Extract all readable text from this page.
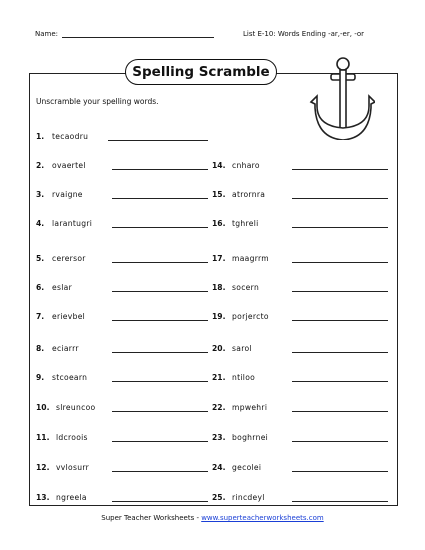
Name:	List E-10: Words Ending -ar,-er, -or
Spelling Scramble
Unscramble your spelling words.
1.	tecaodru
2.	ovaertel
3.	rvaigne
4.	larantugri
5.	cerersor
6.	eslar
7.	erievbel
8.	eciarrr
9.	stcoearn
10. slreuncoo
11. ldcroois
12. vvlosurr
13. ngreela
14. cnharo
15. atrornra
16. tghreli
17. maagrrm
18. socern
19. porjercto
20. sarol
21. ntiloo
22. mpwehri
23. boghrnei
24. gecolei
25. rincdeyl
Super Teacher Worksheets - www.superteacherworksheets.com
